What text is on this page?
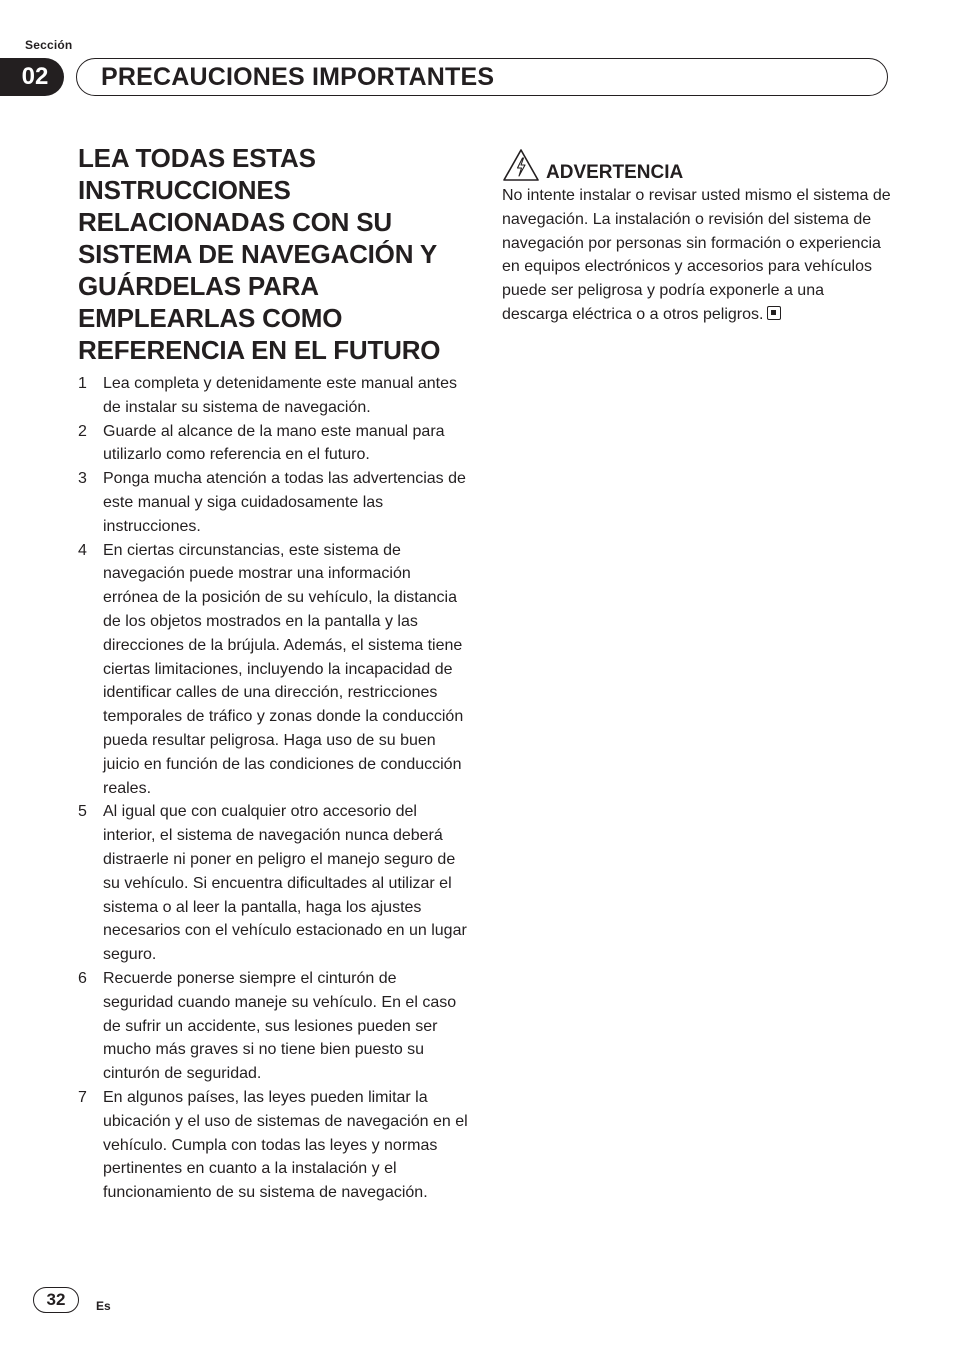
Sección
02	PRECAUCIONES IMPORTANTES
LEA TODAS ESTAS INSTRUCCIONES RELACIONADAS CON SU SISTEMA DE NAVEGACIÓN Y GUÁRDELAS PARA EMPLEARLAS COMO REFERENCIA EN EL FUTURO
1	Lea completa y detenidamente este manual antes de instalar su sistema de navegación.
2	Guarde al alcance de la mano este manual para utilizarlo como referencia en el futuro.
3	Ponga mucha atención a todas las advertencias de este manual y siga cuidadosamente las instrucciones.
4	En ciertas circunstancias, este sistema de navegación puede mostrar una información errónea de la posición de su vehículo, la distancia de los objetos mostrados en la pantalla y las direcciones de la brújula. Además, el sistema tiene ciertas limitaciones, incluyendo la incapacidad de identificar calles de una dirección, restricciones temporales de tráfico y zonas donde la conducción pueda resultar peligrosa. Haga uso de su buen juicio en función de las condiciones de conducción reales.
5	Al igual que con cualquier otro accesorio del interior, el sistema de navegación nunca deberá distraerle ni poner en peligro el manejo seguro de su vehículo. Si encuentra dificultades al utilizar el sistema o al leer la pantalla, haga los ajustes necesarios con el vehículo estacionado en un lugar seguro.
6	Recuerde ponerse siempre el cinturón de seguridad cuando maneje su vehículo. En el caso de sufrir un accidente, sus lesiones pueden ser mucho más graves si no tiene bien puesto su cinturón de seguridad.
7	En algunos países, las leyes pueden limitar la ubicación y el uso de sistemas de navegación en el vehículo. Cumpla con todas las leyes y normas pertinentes en cuanto a la instalación y el funcionamiento de su sistema de navegación.
ADVERTENCIA
No intente instalar o revisar usted mismo el sistema de navegación. La instalación o revisión del sistema de navegación por personas sin formación o experiencia en equipos electrónicos y accesorios para vehículos puede ser peligrosa y podría exponerle a una descarga eléctrica o a otros peligros.
32	Es
